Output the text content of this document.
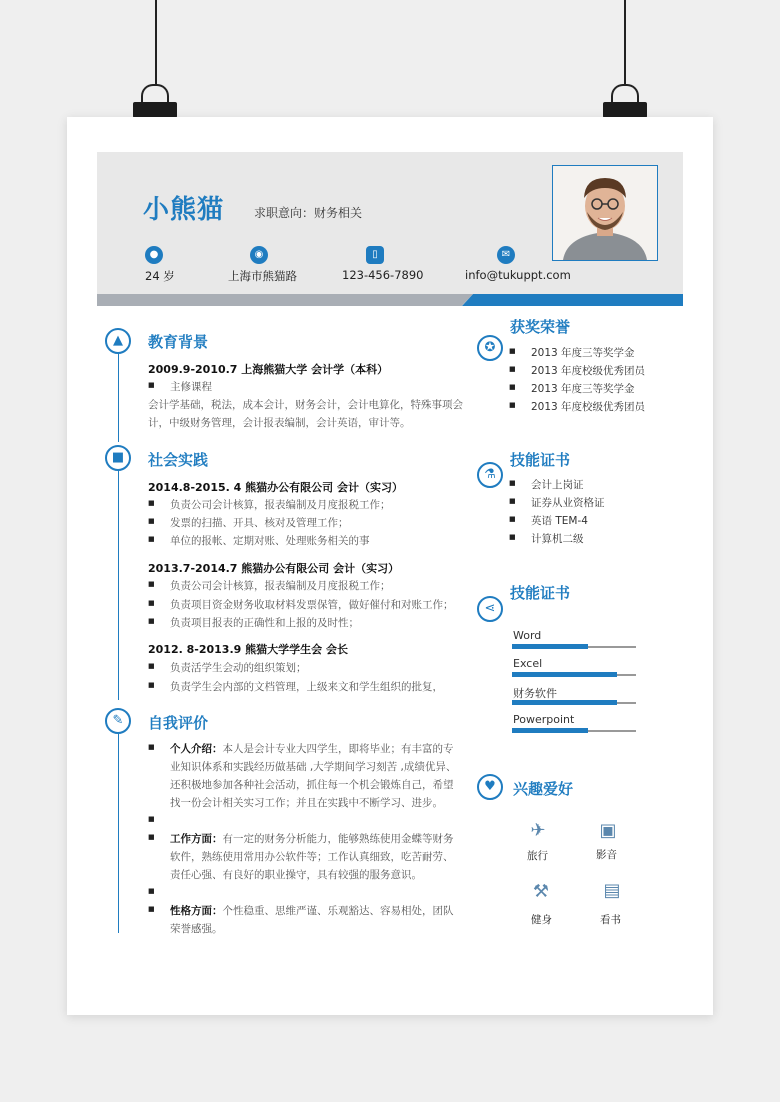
小熊猫 求职意向：财务相关
●
24 岁
◉
上海市熊猫路
▯
123-456-7890
✉
info@tukuppt.com
▲	教育背景
2009.9-2010.7 上海熊猫大学 会计学（本科）
■ 主修课程
会计学基础，税法，成本会计，财务会计，会计电算化，特殊事项会
计，中级财务管理，会计报表编制，会计英语，审计等。
■	社会实践
2014.8-2015. 4 熊猫办公有限公司 会计（实习）
■ 负责公司会计核算，报表编制及月度报税工作；
■ 发票的扫描、开具、核对及管理工作；
■ 单位的报帐、定期对账、处理账务相关的事
2013.7-2014.7 熊猫办公有限公司 会计（实习）
■ 负责公司会计核算，报表编制及月度报税工作；
■ 负责项目资金财务收取材料发票保管，做好催付和对账工作；
■ 负责项目报表的正确性和上报的及时性；
2012. 8-2013.9 熊猫大学学生会 会长
■ 负责活学生会动的组织策划；
■ 负责学生会内部的文档管理，上级来文和学生组织的批复，
✎	自我评价
■ 个人介绍：本人是会计专业大四学生，即将毕业；有丰富的专
业知识体系和实践经历做基础 ,大学期间学习刻苦 ,成绩优异、
还积极地参加各种社会活动，抓住每一个机会锻炼自己，希望
找一份会计相关实习工作；并且在实践中不断学习、进步。
■ 工作方面：有一定的财务分析能力，能够熟练使用金蝶等财务
软件，熟练使用常用办公软件等；工作认真细致，吃苦耐劳、
责任心强、有良好的职业操守，具有较强的服务意识。
■ 性格方面：个性稳重、思维严谨、乐观豁达、容易相处，团队
荣誉感强。
✪
获奖荣誉
■ 2013 年度三等奖学金
■ 2013 年度校级优秀团员
■ 2013 年度三等奖学金
■ 2013 年度校级优秀团员
⚗
技能证书
■ 会计上岗证
■ 证券从业资格证
■ 英语 TEM-4
■ 计算机二级
⋖
技能证书
Word
Excel
财务软件
Powerpoint
♥	兴趣爱好
✈
旅行
▣
影音
⚒
健身
▤
看书
